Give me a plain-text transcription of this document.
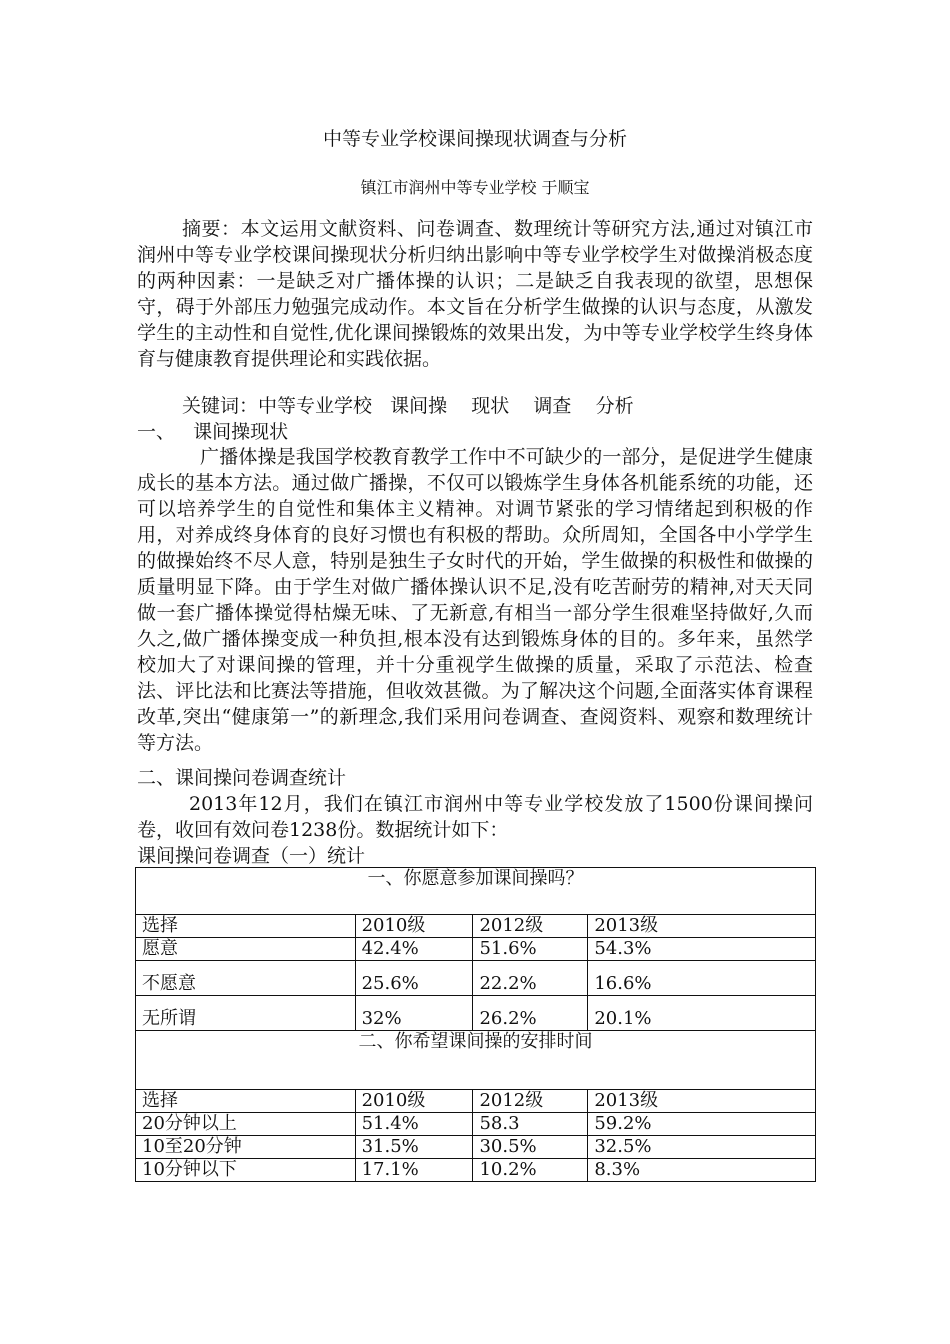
中等专业学校课间操现状调查与分析
镇江市润州中等专业学校 于顺宝
摘要：本文运用文献资料、问卷调查、数理统计等研究方法,通过对镇江市润州中等专业学校课间操现状分析归纳出影响中等专业学校学生对做操消极态度的两种因素：一是缺乏对广播体操的认识；二是缺乏自我表现的欲望，思想保守，碍于外部压力勉强完成动作。本文旨在分析学生做操的认识与态度，从激发学生的主动性和自觉性,优化课间操锻炼的效果出发，为中等专业学校学生终身体育与健康教育提供理论和实践依据。
关键词：中等专业学校   课间操    现状    调查    分析
一、   课间操现状
广播体操是我国学校教育教学工作中不可缺少的一部分，是促进学生健康成长的基本方法。通过做广播操，不仅可以锻炼学生身体各机能系统的功能，还可以培养学生的自觉性和集体主义精神。对调节紧张的学习情绪起到积极的作用，对养成终身体育的良好习惯也有积极的帮助。众所周知，全国各中小学学生的做操始终不尽人意，特别是独生子女时代的开始，学生做操的积极性和做操的质量明显下降。由于学生对做广播体操认识不足,没有吃苦耐劳的精神,对天天同做一套广播体操觉得枯燥无味、了无新意,有相当一部分学生很难坚持做好,久而久之,做广播体操变成一种负担,根本没有达到锻炼身体的目的。多年来，虽然学校加大了对课间操的管理，并十分重视学生做操的质量，采取了示范法、检查法、评比法和比赛法等措施，但收效甚微。为了解决这个问题,全面落实体育课程改革,突出“健康第一”的新理念,我们采用问卷调查、查阅资料、观察和数理统计等方法。
二、课间操问卷调查统计
2013年12月，我们在镇江市润州中等专业学校发放了1500份课间操问卷，收回有效问卷1238份。数据统计如下：
课间操问卷调查（一）统计
一、你愿意参加课间操吗？			
选择	2010级	2012级	2013级
愿意	42.4%	51.6%	54.3%
不愿意	25.6%	22.2%	16.6%
无所谓	32%	26.2%	20.1%
二、你希望课间操的安排时间			
选择	2010级	2012级	2013级
20分钟以上	51.4%	58.3	59.2%
10至20分钟	31.5%	30.5%	32.5%
10分钟以下	17.1%	10.2%	8.3%
